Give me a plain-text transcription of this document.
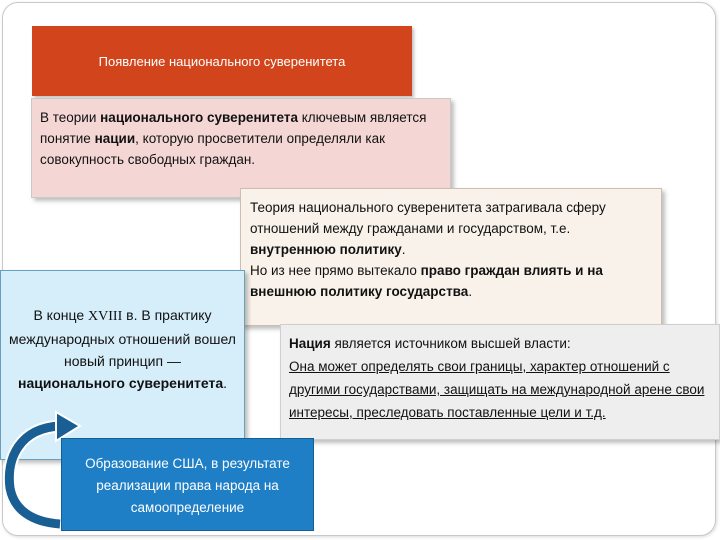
Появление национального суверенитета
В теории национального суверенитета ключевым является понятие нации, которую просветители определяли как совокупность свободных граждан.
Теория национального суверенитета затрагивала сферу отношений между гражданами и государством, т.е. внутреннюю политику.
Но из нее прямо вытекало право граждан влиять и на внешнюю политику государства.
Нация является источником высшей власти:
Она может определять свои границы, характер отношений с другими государствами, защищать на международной арене свои интересы, преследовать поставленные цели и т.д.
В конце XVIII в. В практику международных отношений вошел новый принцип —
национального суверенитета.
Образование США, в результате реализации права народа на самоопределение
